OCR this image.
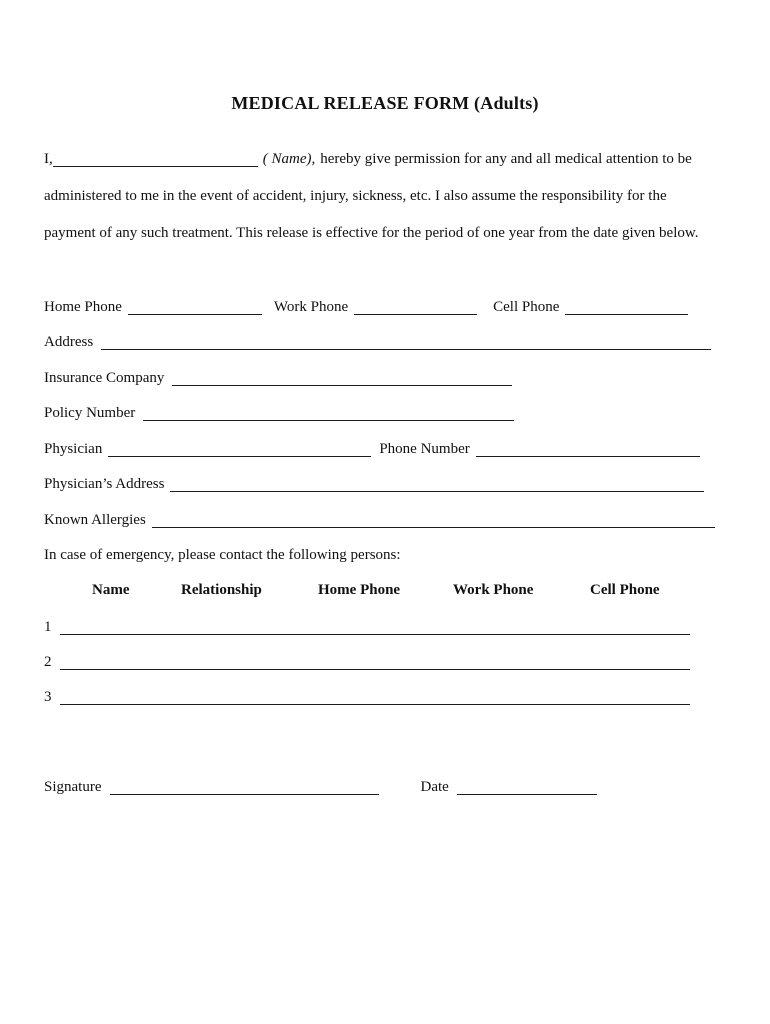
MEDICAL RELEASE FORM (Adults)
I,	( Name), hereby give permission for any and all medical attention to be
administered to me in the event of accident, injury, sickness, etc. I also assume the responsibility for the
payment of any such treatment. This release is effective for the period of one year from the date given below.
Home Phone	Work Phone	Cell Phone
Address
Insurance Company
Policy Number
Physician	Phone Number
Physician’s Address
Known Allergies
In case of emergency, please contact the following persons:
Name	Relationship	Home Phone	Work Phone	Cell Phone
1
2
3
Signature	Date
